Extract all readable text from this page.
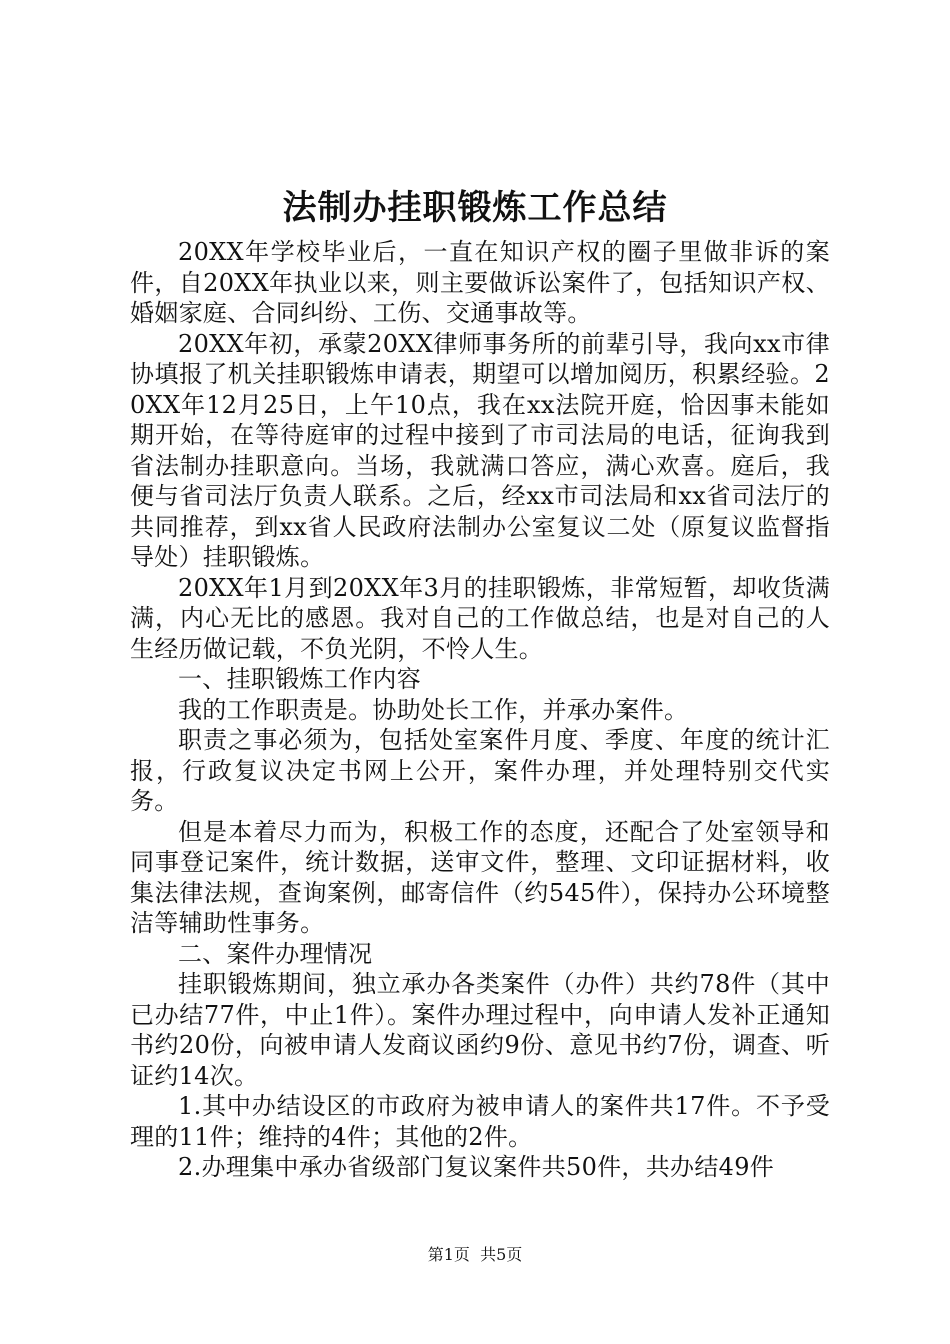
法制办挂职锻炼工作总结

20XX年学校毕业后，一直在知识产权的圈子里做非诉的案件，自20XX年执业以来，则主要做诉讼案件了，包括知识产权、婚姻家庭、合同纠纷、工伤、交通事故等。

20XX年初，承蒙20XX律师事务所的前辈引导，我向xx市律协填报了机关挂职锻炼申请表，期望可以增加阅历，积累经验。20XX年12月25日，上午10点，我在xx法院开庭，恰因事未能如期开始，在等待庭审的过程中接到了市司法局的电话，征询我到省法制办挂职意向。当场，我就满口答应，满心欢喜。庭后，我便与省司法厅负责人联系。之后，经xx市司法局和xx省司法厅的共同推荐，到xx省人民政府法制办公室复议二处（原复议监督指导处）挂职锻炼。

20XX年1月到20XX年3月的挂职锻炼，非常短暂，却收货满满，内心无比的感恩。我对自己的工作做总结，也是对自己的人生经历做记载，不负光阴，不怜人生。

一、挂职锻炼工作内容

我的工作职责是。协助处长工作，并承办案件。

职责之事必须为，包括处室案件月度、季度、年度的统计汇报，行政复议决定书网上公开，案件办理，并处理特别交代实务。

但是本着尽力而为，积极工作的态度，还配合了处室领导和同事登记案件，统计数据，送审文件，整理、文印证据材料，收集法律法规，查询案例，邮寄信件（约545件），保持办公环境整洁等辅助性事务。

二、案件办理情况

挂职锻炼期间，独立承办各类案件（办件）共约78件（其中已办结77件，中止1件）。案件办理过程中，向申请人发补正通知书约20份，向被申请人发商议函约9份、意见书约7份，调查、听证约14次。

1.其中办结设区的市政府为被申请人的案件共17件。不予受理的11件；维持的4件；其他的2件。

2.办理集中承办省级部门复议案件共50件，共办结49件

第1页 共5页
